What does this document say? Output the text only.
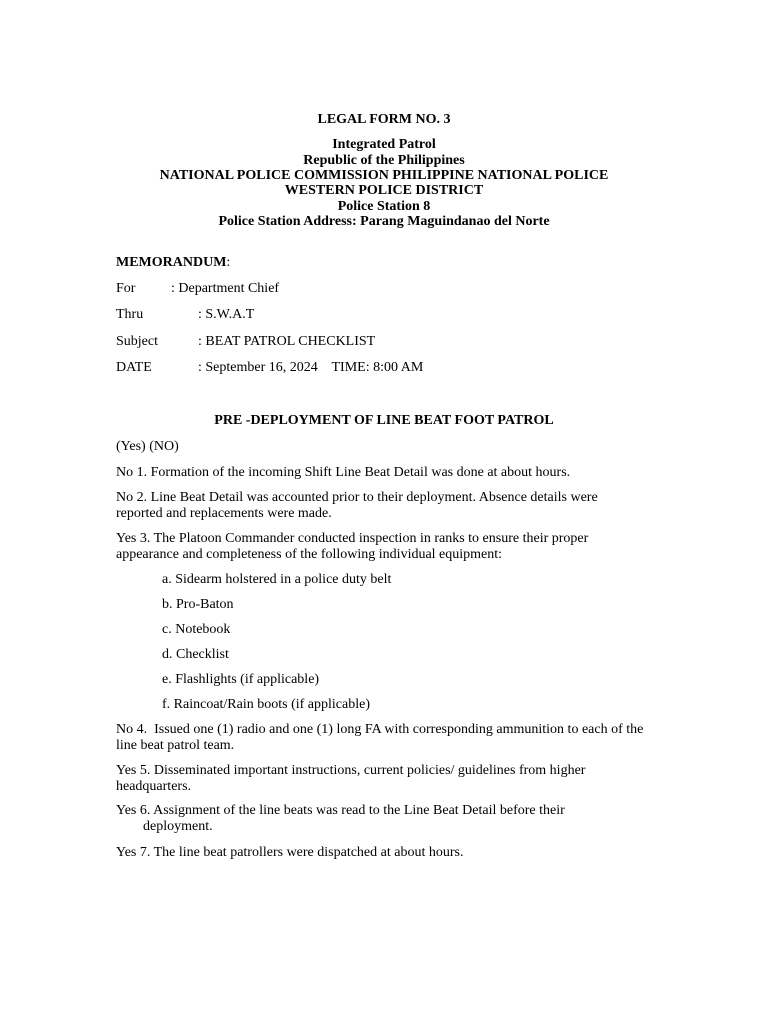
LEGAL FORM NO. 3
Integrated Patrol
Republic of the Philippines
NATIONAL POLICE COMMISSION PHILIPPINE NATIONAL POLICE
WESTERN POLICE DISTRICT
Police Station 8
Police Station Address: Parang Maguindanao del Norte
MEMORANDUM:
For	: Department Chief
Thru	: S.W.A.T
Subject	: BEAT PATROL CHECKLIST
DATE	: September 16, 2024    TIME: 8:00 AM
PRE -DEPLOYMENT OF LINE BEAT FOOT PATROL
(Yes) (NO)
No 1. Formation of the incoming Shift Line Beat Detail was done at about hours.
No 2. Line Beat Detail was accounted prior to their deployment. Absence details were reported and replacements were made.
Yes 3. The Platoon Commander conducted inspection in ranks to ensure their proper appearance and completeness of the following individual equipment:
a. Sidearm holstered in a police duty belt
b. Pro-Baton
c. Notebook
d. Checklist
e. Flashlights (if applicable)
f. Raincoat/Rain boots (if applicable)
No 4.  Issued one (1) radio and one (1) long FA with corresponding ammunition to each of the line beat patrol team.
Yes 5. Disseminated important instructions, current policies/ guidelines from higher headquarters.
Yes 6. Assignment of the line beats was read to the Line Beat Detail before their
deployment.
Yes 7. The line beat patrollers were dispatched at about hours.
